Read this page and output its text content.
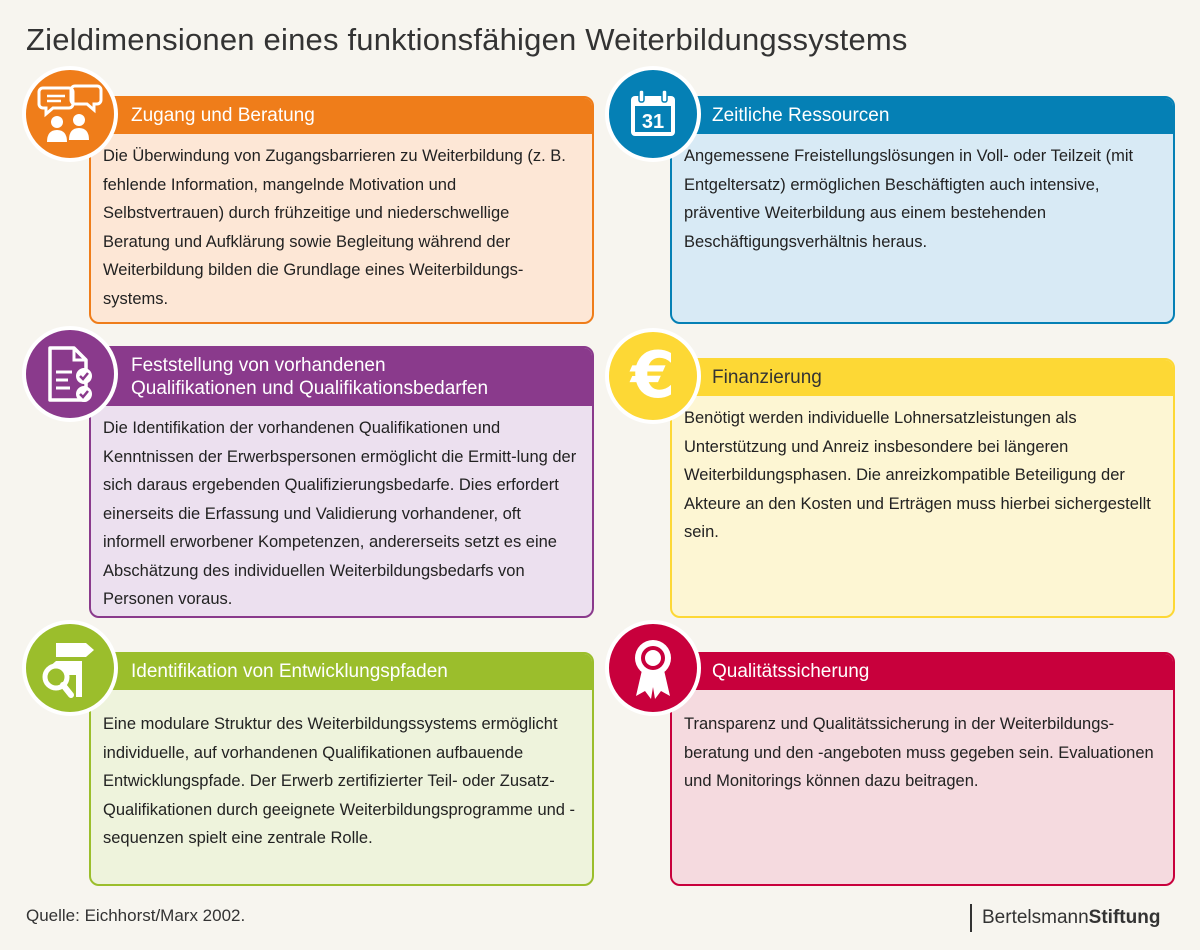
Zieldimensionen eines funktionsfähigen Weiterbildungssystems
Zugang und Beratung
Die Überwindung von Zugangsbarrieren zu Weiterbildung (z. B. fehlende Information, mangelnde Motivation und Selbstvertrauen) durch frühzeitige und niederschwellige Beratung und Aufklärung sowie Begleitung während der Weiterbildung bilden die Grundlage eines Weiterbildungs-systems.
Zeitliche Ressourcen
Angemessene Freistellungslösungen in Voll- oder Teilzeit (mit Entgeltersatz) ermöglichen Beschäftigten auch intensive, präventive Weiterbildung aus einem bestehenden Beschäftigungsverhältnis heraus.
31
Feststellung von vorhandenen
Qualifikationen und Qualifikationsbedarfen
Die Identifikation der vorhandenen Qualifikationen und Kenntnissen der Erwerbspersonen ermöglicht die Ermitt-lung der sich daraus ergebenden Qualifizierungsbedarfe. Dies erfordert einerseits die Erfassung und Validierung vorhandener, oft informell erworbener Kompetenzen, andererseits setzt es eine Abschätzung des individuellen Weiterbildungsbedarfs von Personen voraus.
Finanzierung
Benötigt werden individuelle Lohnersatzleistungen als Unterstützung und Anreiz insbesondere bei längeren Weiterbildungsphasen. Die anreizkompatible Beteiligung der Akteure an den Kosten und Erträgen muss hierbei sichergestellt sein.
€
Identifikation von Entwicklungspfaden
Eine modulare Struktur des Weiterbildungssystems ermöglicht individuelle, auf vorhandenen Qualifikationen aufbauende Entwicklungspfade. Der Erwerb zertifizierter Teil- oder Zusatz-Qualifikationen durch geeignete Weiterbildungsprogramme und -sequenzen spielt eine zentrale Rolle.
Qualitätssicherung
Transparenz und Qualitätssicherung in der Weiterbildungs-beratung und den -angeboten muss gegeben sein. Evaluationen und Monitorings können dazu beitragen.
Quelle: Eichhorst/Marx 2002.	BertelsmannStiftung
